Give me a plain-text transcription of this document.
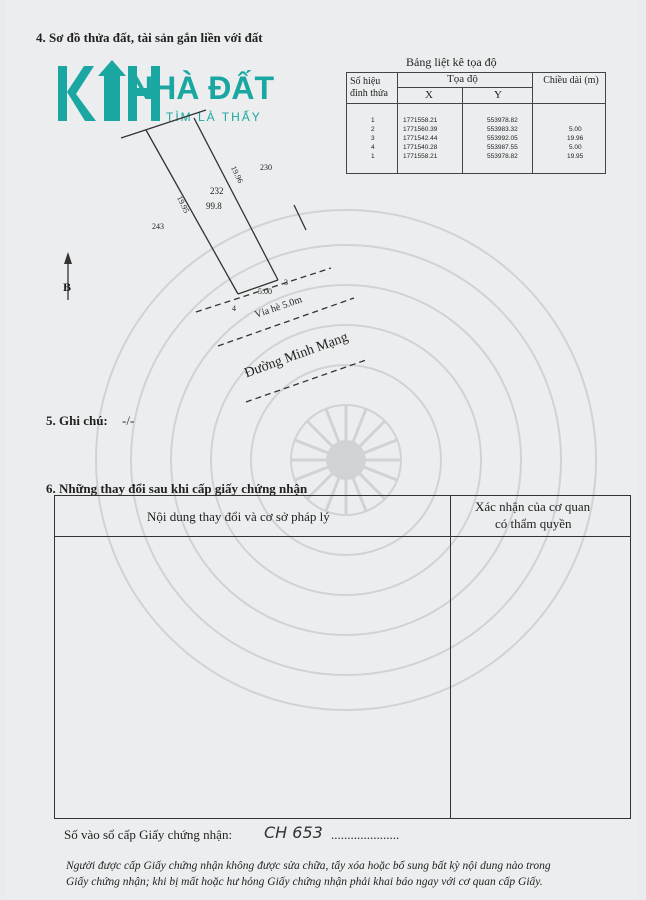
4. Sơ đồ thửa đất, tài sản gắn liền với đất
NHÀ ĐẤT
TÌM LÀ THẤY
Bảng liệt kê tọa độ
Số hiệu đỉnh thửa
Tọa độ
X	Y
Chiều dài (m)
1	1771558.21	553978.82
2	1771560.39	553983.32	5.00
3	1771542.44	553992.05	19.96
4	1771540.28	553987.55	5.00
1	1771558.21	553978.82	19.95
232
99.8
243
230
19.95
19.96
5.00
3
4 Vỉa hè 5.0m
Đường Minh Mạng
B
5. Ghi chú: -/-
6. Những thay đổi sau khi cấp giấy chứng nhận
Nội dung thay đổi và cơ sở pháp lý
Xác nhận của cơ quan
có thẩm quyền
Số vào sổ cấp Giấy chứng nhận: CH 653 .....................
Người được cấp Giấy chứng nhận không được sửa chữa, tẩy xóa hoặc bổ sung bất kỳ nội dung nào trong
Giấy chứng nhận; khi bị mất hoặc hư hỏng Giấy chứng nhận phải khai báo ngay với cơ quan cấp Giấy.
